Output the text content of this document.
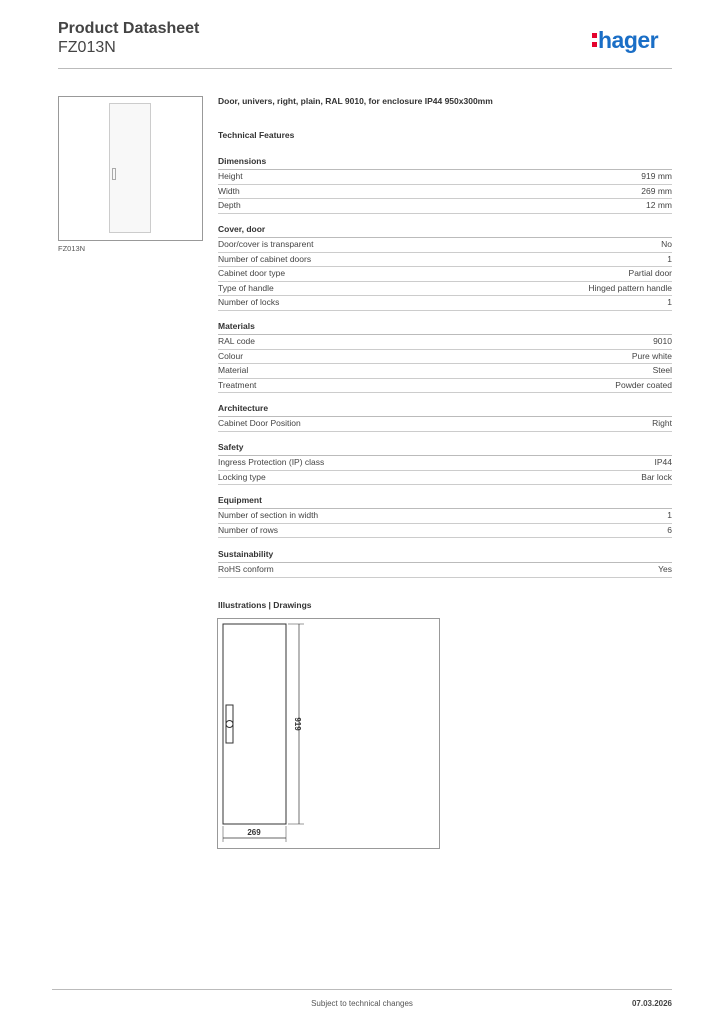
Product Datasheet
FZ013N	hager
FZ013N
Door, univers, right, plain, RAL 9010, for enclosure IP44 950x300mm
Technical Features
Dimensions
Height	919 mm
Width	269 mm
Depth	12 mm
Cover, door
Door/cover is transparent	No
Number of cabinet doors	1
Cabinet door type	Partial door
Type of handle	Hinged pattern handle
Number of locks	1
Materials
RAL code	9010
Colour	Pure white
Material	Steel
Treatment	Powder coated
Architecture
Cabinet Door Position	Right
Safety
Ingress Protection (IP) class	IP44
Locking type	Bar lock
Equipment
Number of section in width	1
Number of rows	6
Sustainability
RoHS conform	Yes
Illustrations | Drawings
919
269
Subject to technical changes	07.03.2026
